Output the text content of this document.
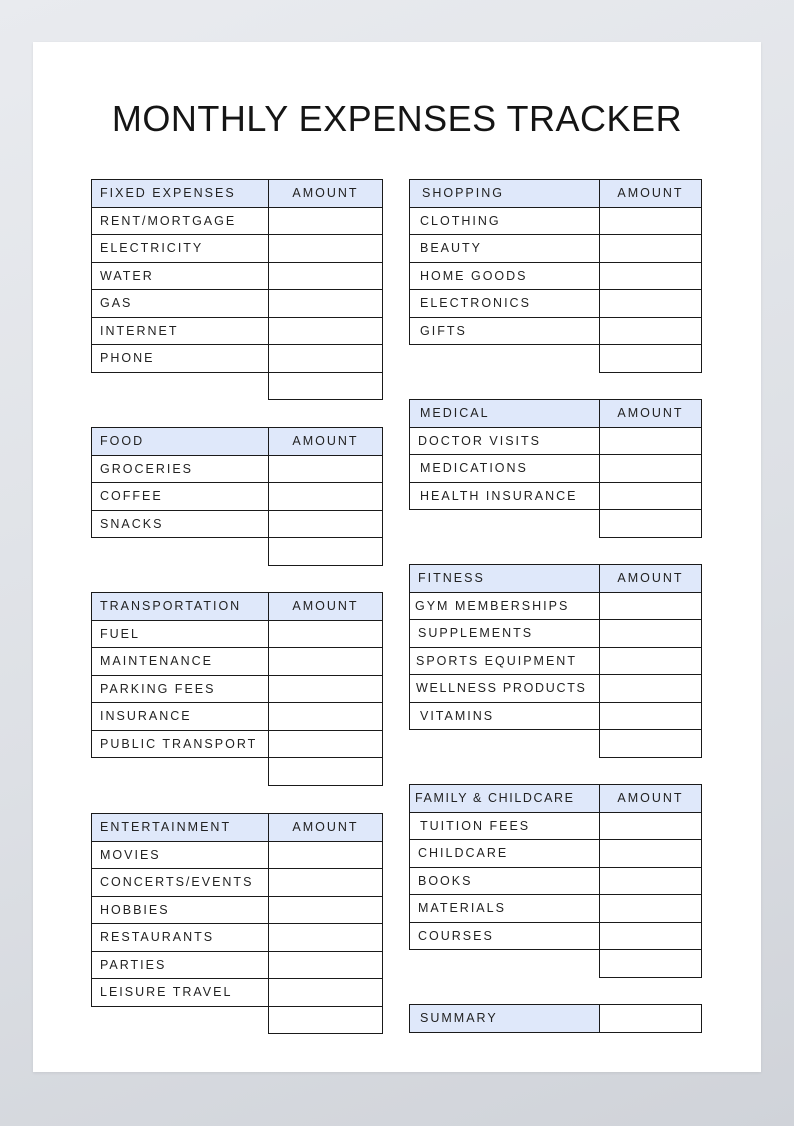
MONTHLY EXPENSES TRACKER
FIXED EXPENSES	AMOUNT
RENT/MORTGAGE	
ELECTRICITY	
WATER	
GAS	
INTERNET	
PHONE	

FOOD	AMOUNT
GROCERIES	
COFFEE	
SNACKS	

TRANSPORTATION	AMOUNT
FUEL	
MAINTENANCE	
PARKING FEES	
INSURANCE	
PUBLIC TRANSPORT	

ENTERTAINMENT	AMOUNT
MOVIES	
CONCERTS/EVENTS	
HOBBIES	
RESTAURANTS	
PARTIES	
LEISURE TRAVEL	

SHOPPING	AMOUNT
CLOTHING	
BEAUTY	
HOME GOODS	
ELECTRONICS	
GIFTS	

MEDICAL	AMOUNT
DOCTOR VISITS	
MEDICATIONS	
HEALTH INSURANCE	

FITNESS	AMOUNT
GYM MEMBERSHIPS	
SUPPLEMENTS	
SPORTS EQUIPMENT	
WELLNESS PRODUCTS	
VITAMINS	

FAMILY & CHILDCARE	AMOUNT
TUITION FEES	
CHILDCARE	
BOOKS	
MATERIALS	
COURSES	

SUMMARY	
